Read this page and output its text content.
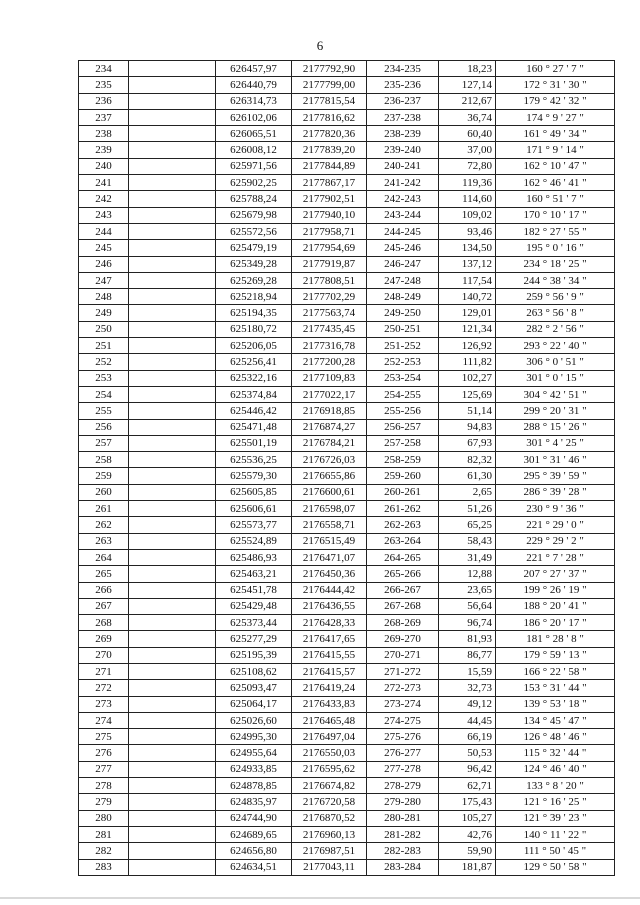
6
234		626457,97	2177792,90	234-235	18,23	160 ° 27 ' 7 "
235		626440,79	2177799,00	235-236	127,14	172 ° 31 ' 30 "
236		626314,73	2177815,54	236-237	212,67	179 ° 42 ' 32 "
237		626102,06	2177816,62	237-238	36,74	174 ° 9 ' 27 "
238		626065,51	2177820,36	238-239	60,40	161 ° 49 ' 34 "
239		626008,12	2177839,20	239-240	37,00	171 ° 9 ' 14 "
240		625971,56	2177844,89	240-241	72,80	162 ° 10 ' 47 "
241		625902,25	2177867,17	241-242	119,36	162 ° 46 ' 41 "
242		625788,24	2177902,51	242-243	114,60	160 ° 51 ' 7 "
243		625679,98	2177940,10	243-244	109,02	170 ° 10 ' 17 "
244		625572,56	2177958,71	244-245	93,46	182 ° 27 ' 55 "
245		625479,19	2177954,69	245-246	134,50	195 ° 0 ' 16 "
246		625349,28	2177919,87	246-247	137,12	234 ° 18 ' 25 "
247		625269,28	2177808,51	247-248	117,54	244 ° 38 ' 34 "
248		625218,94	2177702,29	248-249	140,72	259 ° 56 ' 9 "
249		625194,35	2177563,74	249-250	129,01	263 ° 56 ' 8 "
250		625180,72	2177435,45	250-251	121,34	282 ° 2 ' 56 "
251		625206,05	2177316,78	251-252	126,92	293 ° 22 ' 40 "
252		625256,41	2177200,28	252-253	111,82	306 ° 0 ' 51 "
253		625322,16	2177109,83	253-254	102,27	301 ° 0 ' 15 "
254		625374,84	2177022,17	254-255	125,69	304 ° 42 ' 51 "
255		625446,42	2176918,85	255-256	51,14	299 ° 20 ' 31 "
256		625471,48	2176874,27	256-257	94,83	288 ° 15 ' 26 "
257		625501,19	2176784,21	257-258	67,93	301 ° 4 ' 25 "
258		625536,25	2176726,03	258-259	82,32	301 ° 31 ' 46 "
259		625579,30	2176655,86	259-260	61,30	295 ° 39 ' 59 "
260		625605,85	2176600,61	260-261	2,65	286 ° 39 ' 28 "
261		625606,61	2176598,07	261-262	51,26	230 ° 9 ' 36 "
262		625573,77	2176558,71	262-263	65,25	221 ° 29 ' 0 "
263		625524,89	2176515,49	263-264	58,43	229 ° 29 ' 2 "
264		625486,93	2176471,07	264-265	31,49	221 ° 7 ' 28 "
265		625463,21	2176450,36	265-266	12,88	207 ° 27 ' 37 "
266		625451,78	2176444,42	266-267	23,65	199 ° 26 ' 19 "
267		625429,48	2176436,55	267-268	56,64	188 ° 20 ' 41 "
268		625373,44	2176428,33	268-269	96,74	186 ° 20 ' 17 "
269		625277,29	2176417,65	269-270	81,93	181 ° 28 ' 8 "
270		625195,39	2176415,55	270-271	86,77	179 ° 59 ' 13 "
271		625108,62	2176415,57	271-272	15,59	166 ° 22 ' 58 "
272		625093,47	2176419,24	272-273	32,73	153 ° 31 ' 44 "
273		625064,17	2176433,83	273-274	49,12	139 ° 53 ' 18 "
274		625026,60	2176465,48	274-275	44,45	134 ° 45 ' 47 "
275		624995,30	2176497,04	275-276	66,19	126 ° 48 ' 46 "
276		624955,64	2176550,03	276-277	50,53	115 ° 32 ' 44 "
277		624933,85	2176595,62	277-278	96,42	124 ° 46 ' 40 "
278		624878,85	2176674,82	278-279	62,71	133 ° 8 ' 20 "
279		624835,97	2176720,58	279-280	175,43	121 ° 16 ' 25 "
280		624744,90	2176870,52	280-281	105,27	121 ° 39 ' 23 "
281		624689,65	2176960,13	281-282	42,76	140 ° 11 ' 22 "
282		624656,80	2176987,51	282-283	59,90	111 ° 50 ' 45 "
283		624634,51	2177043,11	283-284	181,87	129 ° 50 ' 58 "
